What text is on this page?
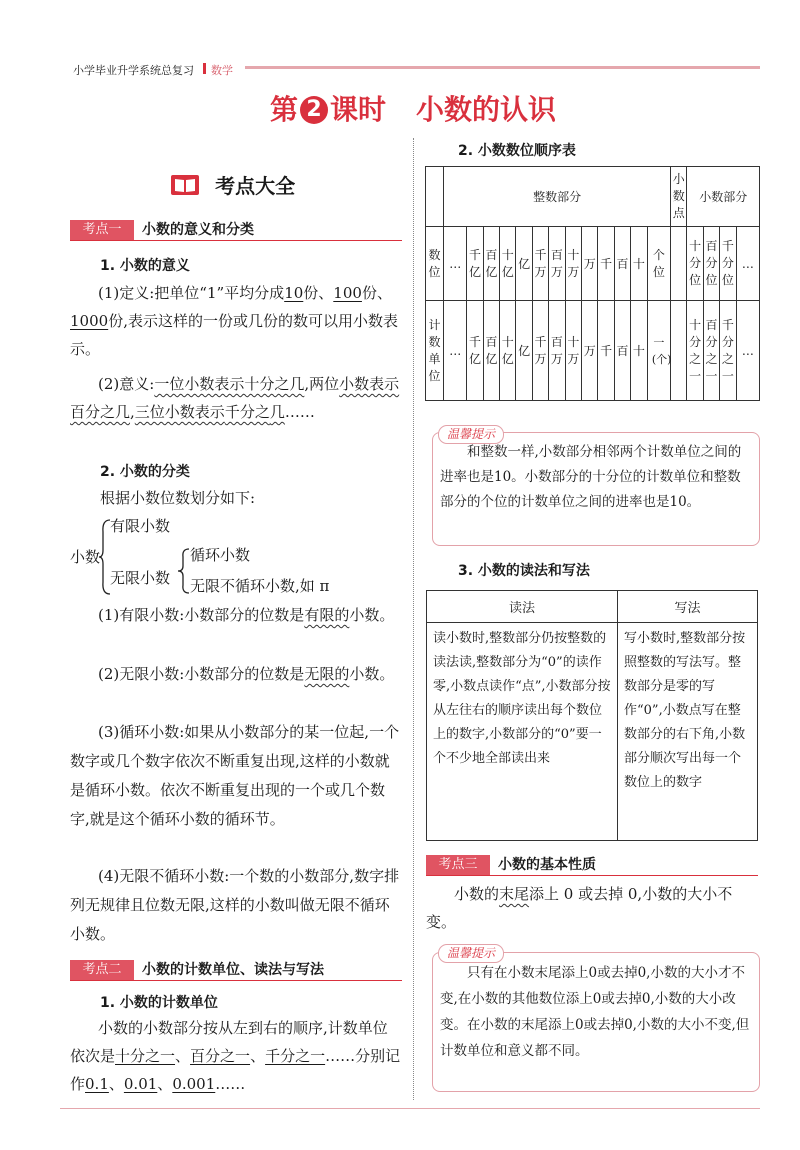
小学毕业升学系统总复习 数学
第 2 课时 小数的认识
考点大全
考点一	小数的意义和分类
1. 小数的意义
(1)定义:把单位“1”平均分成10份、100份、1000份,表示这样的一份或几份的数可以用小数表示。
(2)意义:一位小数表示十分之几,两位小数表示百分之几,三位小数表示千分之几……
2. 小数的分类
根据小数位数划分如下:
小数
有限小数
无限小数
循环小数
无限不循环小数,如 π
(1)有限小数:小数部分的位数是有限的小数。
(2)无限小数:小数部分的位数是无限的小数。
(3)循环小数:如果从小数部分的某一位起,一个数字或几个数字依次不断重复出现,这样的小数就是循环小数。依次不断重复出现的一个或几个数字,就是这个循环小数的循环节。
(4)无限不循环小数:一个数的小数部分,数字排列无规律且位数无限,这样的小数叫做无限不循环小数。
考点二	小数的计数单位、读法与写法
1. 小数的计数单位
小数的小数部分按从左到右的顺序,计数单位依次是十分之一、百分之一、千分之一……分别记作0.1、0.01、0.001……
2. 小数数位顺序表
	整数部分													小数点	小数部分			

数位	…	千亿	百亿	十亿	亿	千万	百万	十万	万	千	百	十	个位		十分位	百分位	千分位	…

计数单位	…	千亿	百亿	十亿	亿	千万	百万	十万	万	千	百	十	一(个)		十分之一	百分之一	千分之一	…
温馨提示
和整数一样,小数部分相邻两个计数单位之间的进率也是10。小数部分的十分位的计数单位和整数部分的个位的计数单位之间的进率也是10。
3. 小数的读法和写法
读法	写法
读小数时,整数部分仍按整数的读法读,整数部分为“0”的读作零,小数点读作“点”,小数部分按从左往右的顺序读出每个数位上的数字,小数部分的“0”要一个不少地全部读出来	写小数时,整数部分按照整数的写法写。整数部分是零的写作“0”,小数点写在整数部分的右下角,小数部分顺次写出每一个数位上的数字
考点三	小数的基本性质
小数的末尾添上 0 或去掉 0,小数的大小不变。
温馨提示
只有在小数末尾添上0或去掉0,小数的大小才不变,在小数的其他数位添上0或去掉0,小数的大小改变。在小数的末尾添上0或去掉0,小数的大小不变,但计数单位和意义都不同。
